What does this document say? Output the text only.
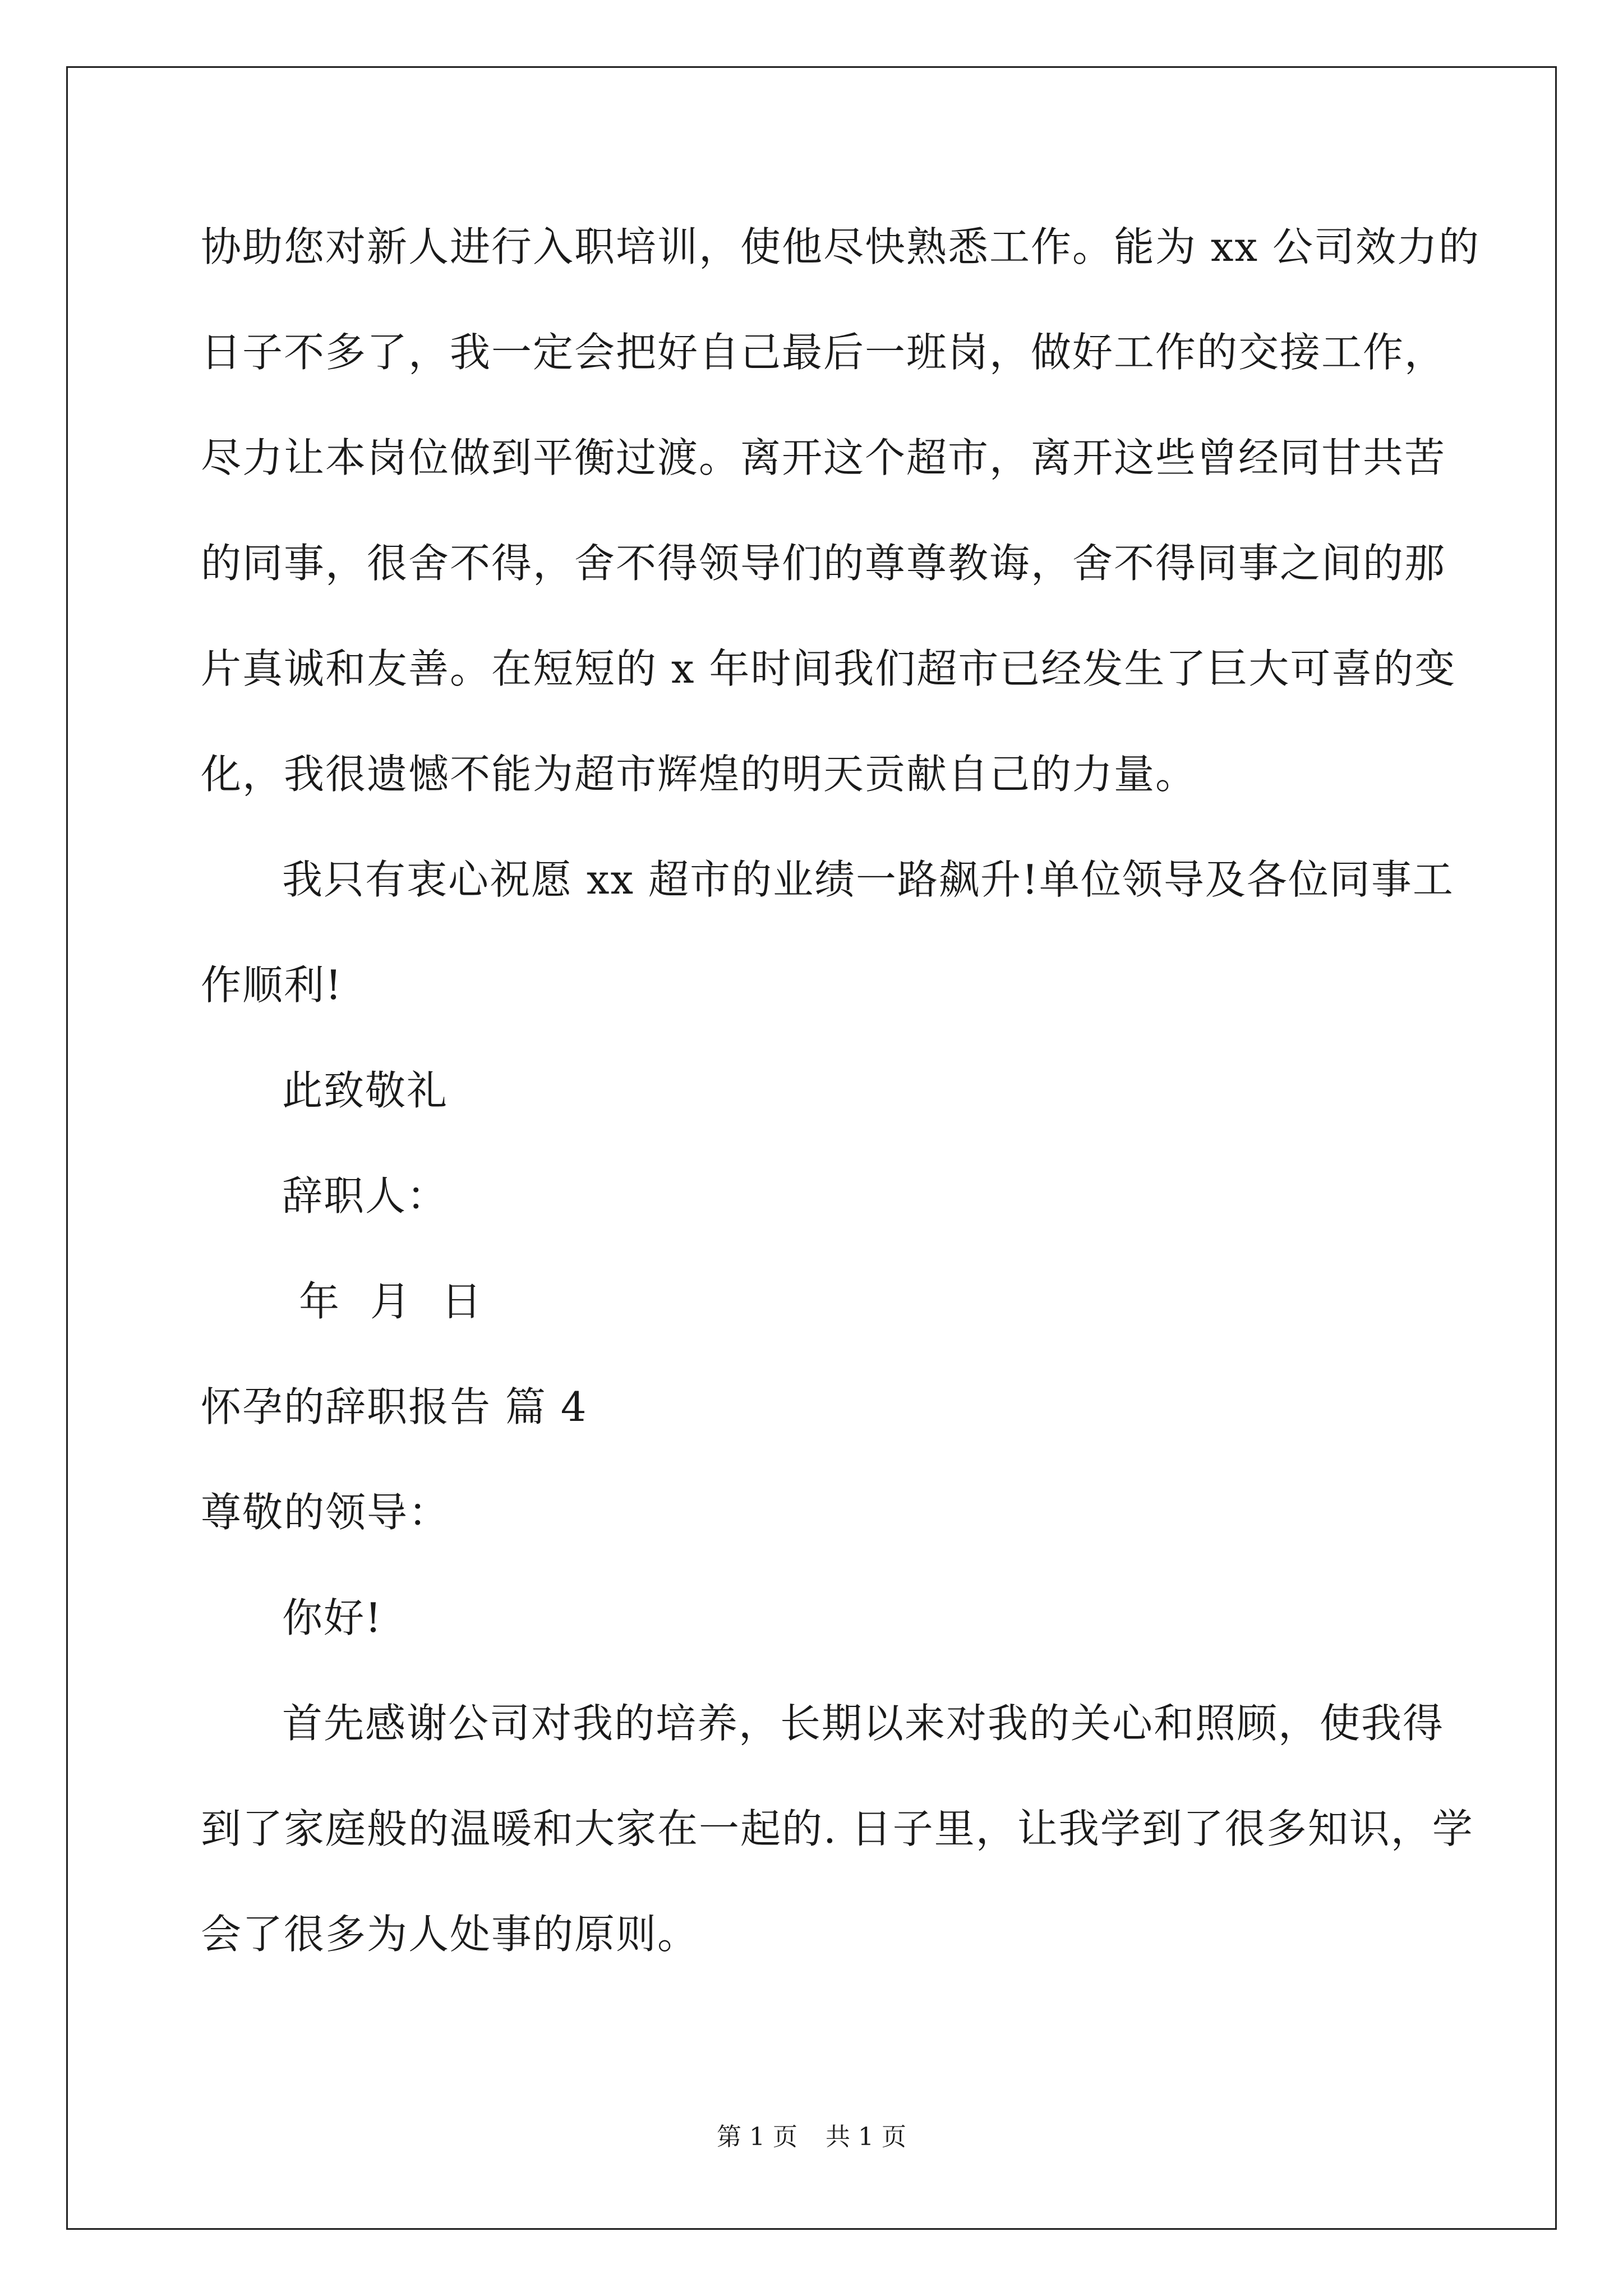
协助您对新人进行入职培训，使他尽快熟悉工作。能为 xx 公司效力的
日子不多了，我一定会把好自己最后一班岗，做好工作的交接工作，
尽力让本岗位做到平衡过渡。离开这个超市，离开这些曾经同甘共苦
的同事，很舍不得，舍不得领导们的尊尊教诲，舍不得同事之间的那
片真诚和友善。在短短的 x 年时间我们超市已经发生了巨大可喜的变
化，我很遗憾不能为超市辉煌的明天贡献自己的力量。
我只有衷心祝愿 xx 超市的业绩一路飙升!单位领导及各位同事工
作顺利!
此致敬礼
辞职人：
年 月 日
怀孕的辞职报告 篇 4
尊敬的领导：
你好!
首先感谢公司对我的培养，长期以来对我的关心和照顾，使我得
到了家庭般的温暖和大家在一起的. 日子里，让我学到了很多知识，学
会了很多为人处事的原则。
第 1 页 共 1 页
